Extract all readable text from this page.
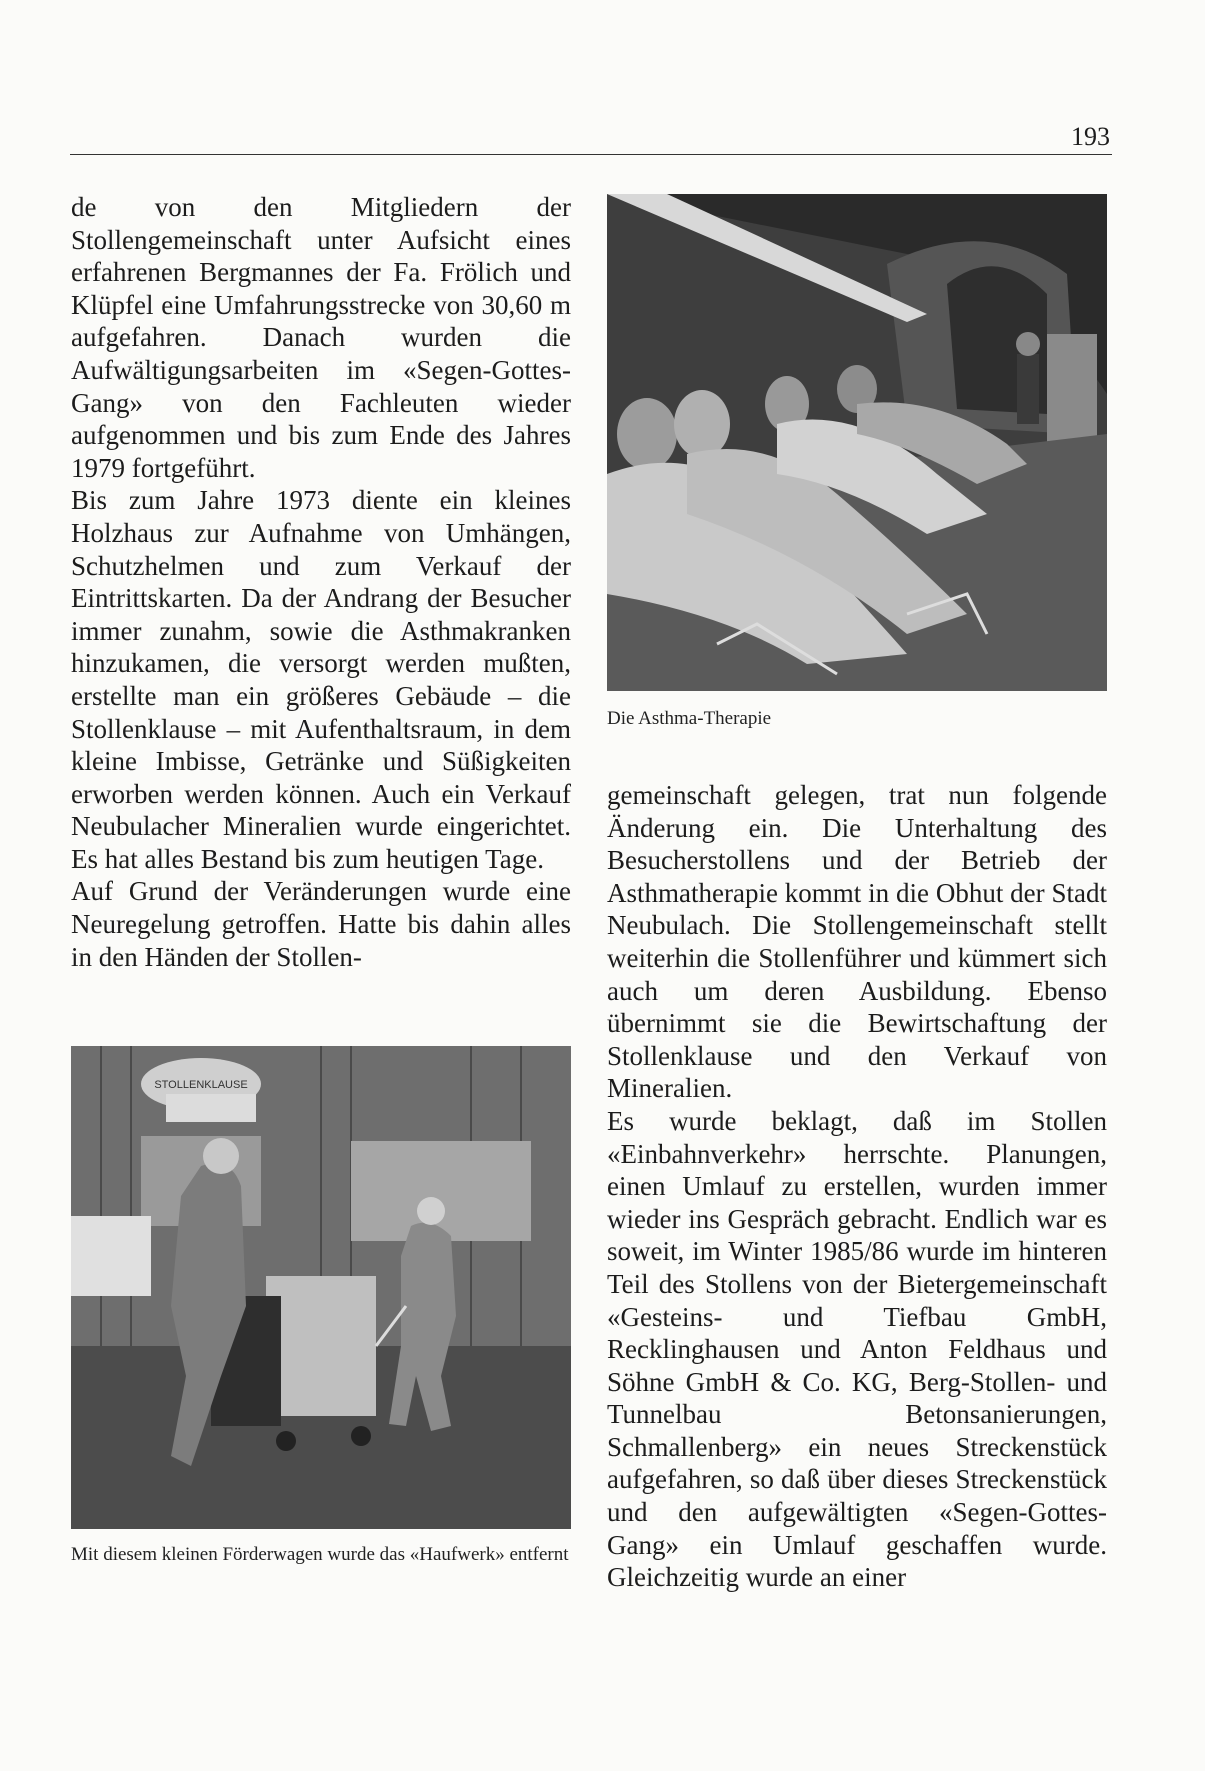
193

de von den Mitgliedern der Stollengemeinschaft unter Aufsicht eines erfahrenen Bergmannes der Fa. Frölich und Klüpfel eine Umfahrungsstrecke von 30,60 m aufgefahren. Danach wurden die Aufwältigungsarbeiten im «Segen-Gottes-Gang» von den Fachleuten wieder aufgenommen und bis zum Ende des Jahres 1979 fortgeführt.

Bis zum Jahre 1973 diente ein kleines Holzhaus zur Aufnahme von Umhängen, Schutzhelmen und zum Verkauf der Eintrittskarten. Da der Andrang der Besucher immer zunahm, sowie die Asthmakranken hinzukamen, die versorgt werden mußten, erstellte man ein größeres Gebäude – die Stollenklause – mit Aufenthaltsraum, in dem kleine Imbisse, Getränke und Süßigkeiten erworben werden können. Auch ein Verkauf Neubulacher Mineralien wurde eingerichtet. Es hat alles Bestand bis zum heutigen Tage.

Auf Grund der Veränderungen wurde eine Neuregelung getroffen. Hatte bis dahin alles in den Händen der Stollen-

Die Asthma-Therapie
STOLLENKLAUSE
Mit diesem kleinen Förderwagen wurde das «Haufwerk» entfernt

gemeinschaft gelegen, trat nun folgende Änderung ein. Die Unterhaltung des Besucherstollens und der Betrieb der Asthmatherapie kommt in die Obhut der Stadt Neubulach. Die Stollengemeinschaft stellt weiterhin die Stollenführer und kümmert sich auch um deren Ausbildung. Ebenso übernimmt sie die Bewirtschaftung der Stollenklause und den Verkauf von Mineralien.

Es wurde beklagt, daß im Stollen «Einbahnverkehr» herrschte. Planungen, einen Umlauf zu erstellen, wurden immer wieder ins Gespräch gebracht. Endlich war es soweit, im Winter 1985/86 wurde im hinteren Teil des Stollens von der Bietergemeinschaft «Gesteins- und Tiefbau GmbH, Recklinghausen und Anton Feldhaus und Söhne GmbH & Co. KG, Berg-Stollen- und Tunnelbau Betonsanierungen, Schmallenberg» ein neues Streckenstück aufgefahren, so daß über dieses Streckenstück und den aufgewältigten «Segen-Gottes-Gang» ein Umlauf geschaffen wurde. Gleichzeitig wurde an einer
